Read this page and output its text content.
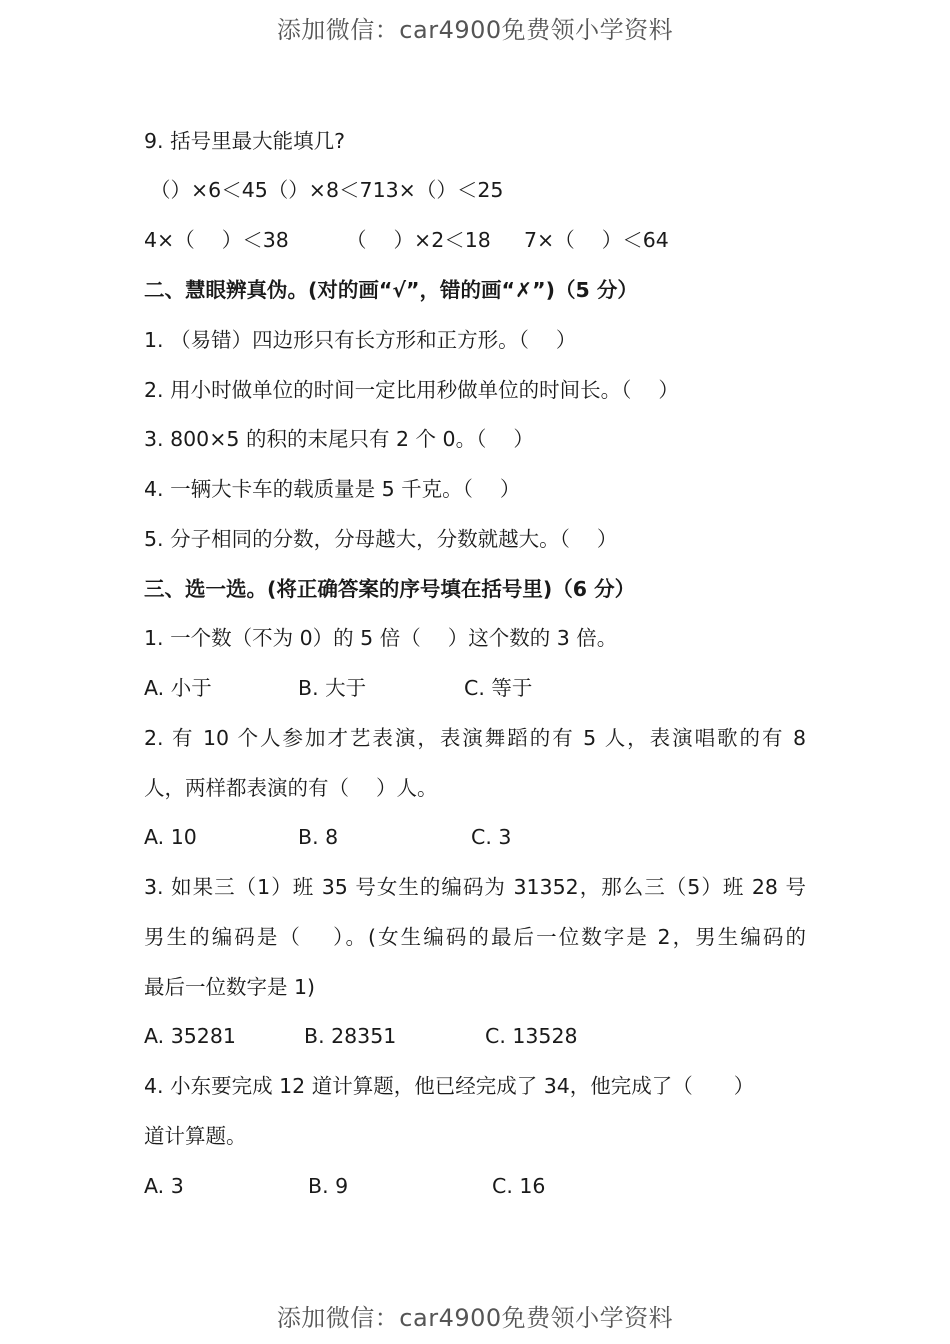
添加微信：car4900免费领小学资料
9. 括号里最大能填几?
（）×6＜45（）×8＜713×（）＜25
4×（　 ）＜38	（　 ）×2＜18 7×（　 ）＜64
二、慧眼辨真伪。(对的画“√”，错的画“✗”)（5 分）
1. （易错）四边形只有长方形和正方形。（　 ）
2. 用小时做单位的时间一定比用秒做单位的时间长。（　 ）
3. 800×5 的积的末尾只有 2 个 0。（　 ）
4. 一辆大卡车的载质量是 5 千克。（　 ）
5. 分子相同的分数，分母越大，分数就越大。（　 ）
三、选一选。(将正确答案的序号填在括号里)（6 分）
1. 一个数（不为 0）的 5 倍（　 ）这个数的 3 倍。
A. 小于	B. 大于	C. 等于
2. 有 10 个人参加才艺表演，表演舞蹈的有 5 人，表演唱歌的有 8
人，两样都表演的有（　 ）人。
A. 10	B. 8	C. 3
3. 如果三（1）班 35 号女生的编码为 31352，那么三（5）班 28 号
男生的编码是（　 ）。(女生编码的最后一位数字是 2，男生编码的
最后一位数字是 1)
A. 35281	B. 28351	C. 13528
4. 小东要完成 12 道计算题，他已经完成了 34，他完成了（　　）
道计算题。
A. 3	B. 9	C. 16
添加微信：car4900免费领小学资料
